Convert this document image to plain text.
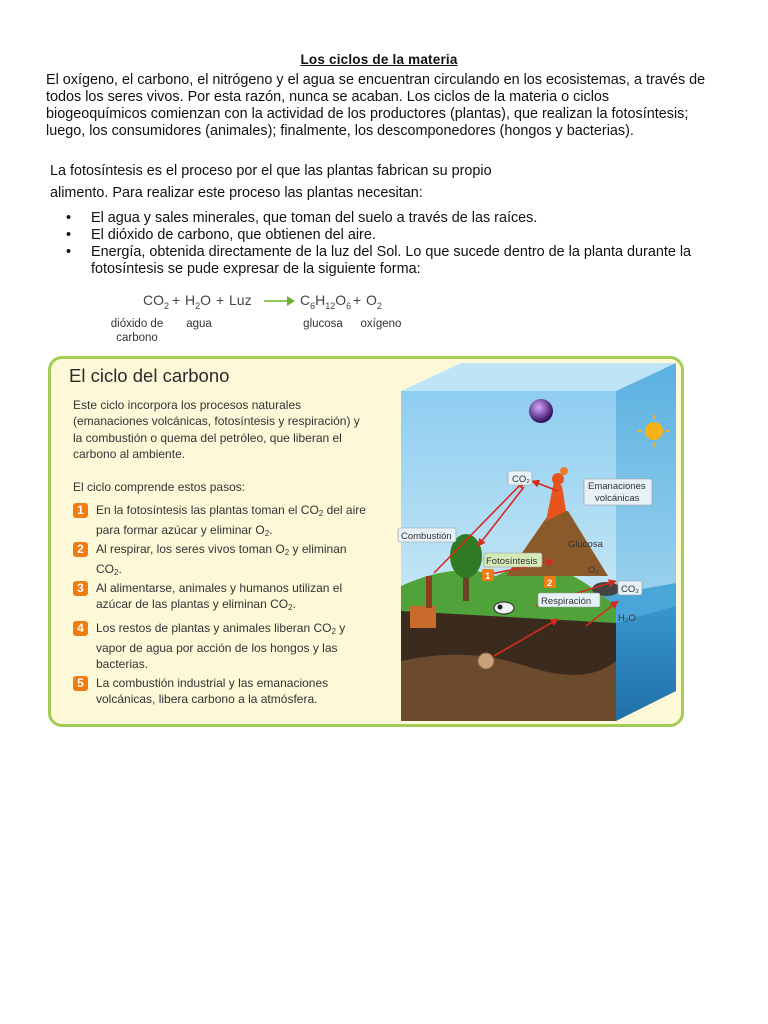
Los ciclos de la materia

El oxígeno, el carbono, el nitrógeno y el agua se encuentran circulando en los ecosistemas, a través de todos los seres vivos. Por esta razón, nunca se acaban. Los ciclos de la materia o ciclos biogeoquímicos comienzan con la actividad de los productores (plantas), que realizan la fotosíntesis; luego, los consumidores (animales); finalmente, los descomponedores (hongos y bacterias).

La fotosíntesis es el proceso por el que las plantas fabrican su propio

alimento. Para realizar este proceso las plantas necesitan:

• El agua y sales minerales, que toman del suelo a través de las raíces.
• El dióxido de carbono, que obtienen del aire.
• Energía, obtenida directamente de la luz del Sol. Lo que sucede dentro de la planta durante la fotosíntesis se pude expresar de la siguiente forma:
$CO_2 + H_2O$ + Luz	$C_6H_{12}O_6 + O_2$
dióxido de
carbono
agua	glucosa	oxígeno
El ciclo del carbono

Este ciclo incorpora los procesos naturales (emanaciones volcánicas, fotosíntesis y respiración) y la combustión o quema del petróleo, que liberan el carbono al ambiente.

El ciclo comprende estos pasos:

1	En la fotosíntesis las plantas toman el $CO_2$ del aire para formar azúcar y eliminar $O_2$.
2	Al respirar, los seres vivos toman $O_2$ y eliminan $CO_2$.
3	Al alimentarse, animales y humanos utilizan el azúcar de las plantas y eliminan $CO_2$.
4	Los restos de plantas y animales liberan $CO_2$ y vapor de agua por acción de los hongos y las bacterias.
5	La combustión industrial y las emanaciones volcánicas, libera carbono a la atmósfera.
CO₂
Emanaciones
volcánicas
Combustión
Fotosíntesis
Glucosa
O₂
1
2
Respiración
CO₂
H₂O
